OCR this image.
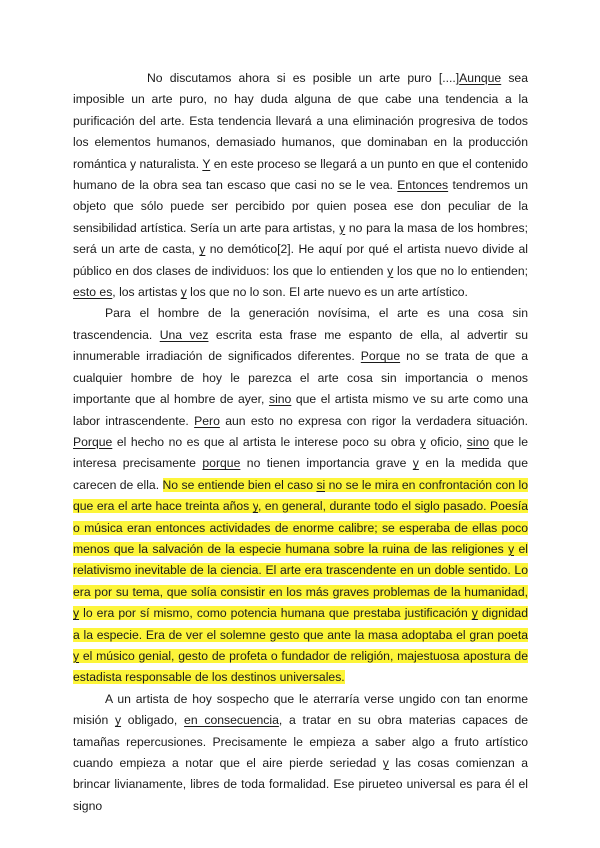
No discutamos ahora si es posible un arte puro [....]Aunque sea imposible un arte puro, no hay duda alguna de que cabe una tendencia a la purificación del arte. Esta tendencia llevará a una eliminación progresiva de todos los elementos humanos, demasiado humanos, que dominaban en la producción romántica y naturalista. Y en este proceso se llegará a un punto en que el contenido humano de la obra sea tan escaso que casi no se le vea. Entonces tendremos un objeto que sólo puede ser percibido por quien posea ese don peculiar de la sensibilidad artística. Sería un arte para artistas, y no para la masa de los hombres; será un arte de casta, y no demótico[2]. He aquí por qué el artista nuevo divide al público en dos clases de individuos: los que lo entienden y los que no lo entienden; esto es, los artistas y los que no lo son. El arte nuevo es un arte artístico.

Para el hombre de la generación novísima, el arte es una cosa sin trascendencia. Una vez escrita esta frase me espanto de ella, al advertir su innumerable irradiación de significados diferentes. Porque no se trata de que a cualquier hombre de hoy le parezca el arte cosa sin importancia o menos importante que al hombre de ayer, sino que el artista mismo ve su arte como una labor intrascendente. Pero aun esto no expresa con rigor la verdadera situación. Porque el hecho no es que al artista le interese poco su obra y oficio, sino que le interesa precisamente porque no tienen importancia grave y en la medida que carecen de ella. No se entiende bien el caso si no se le mira en confrontación con lo que era el arte hace treinta años y, en general, durante todo el siglo pasado. Poesía o música eran entonces actividades de enorme calibre; se esperaba de ellas poco menos que la salvación de la especie humana sobre la ruina de las religiones y el relativismo inevitable de la ciencia. El arte era trascendente en un doble sentido. Lo era por su tema, que solía consistir en los más graves problemas de la humanidad, y lo era por sí mismo, como potencia humana que prestaba justificación y dignidad a la especie. Era de ver el solemne gesto que ante la masa adoptaba el gran poeta y el músico genial, gesto de profeta o fundador de religión, majestuosa apostura de estadista responsable de los destinos universales.

A un artista de hoy sospecho que le aterraría verse ungido con tan enorme misión y obligado, en consecuencia, a tratar en su obra materias capaces de tamañas repercusiones. Precisamente le empieza a saber algo a fruto artístico cuando empieza a notar que el aire pierde seriedad y las cosas comienzan a brincar livianamente, libres de toda formalidad. Ese pirueteo universal es para él el signo
